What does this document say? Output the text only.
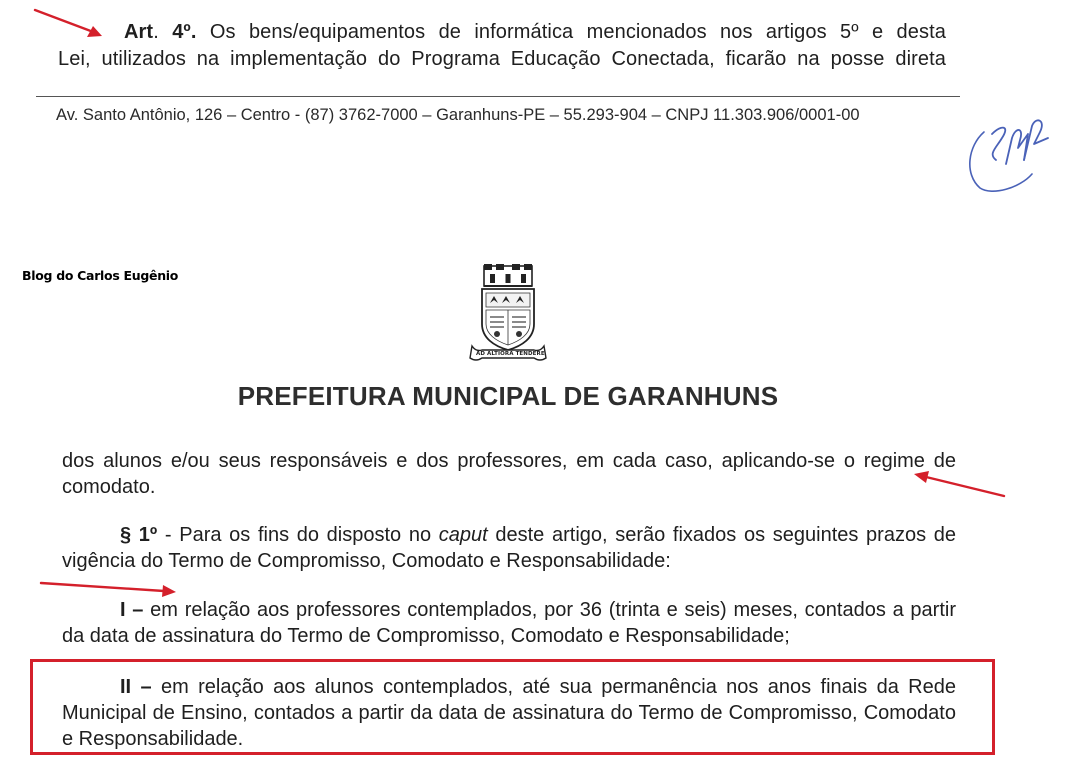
Art. 4º. Os bens/equipamentos de informática mencionados nos artigos 5º e desta
Lei, utilizados na implementação do Programa Educação Conectada, ficarão na posse direta
Av. Santo Antônio, 126 – Centro - (87) 3762-7000 – Garanhuns-PE – 55.293-904 – CNPJ 11.303.906/0001-00
Blog do Carlos Eugênio
AD ALTIORA TENDERE
PREFEITURA MUNICIPAL DE GARANHUNS
dos alunos e/ou seus responsáveis e dos professores, em cada caso, aplicando-se o regime de comodato.
§ 1º - Para os fins do disposto no caput deste artigo, serão fixados os seguintes prazos de vigência do Termo de Compromisso, Comodato e Responsabilidade:
I – em relação aos professores contemplados, por 36 (trinta e seis) meses, contados a partir da data de assinatura do Termo de Compromisso, Comodato e Responsabilidade;
II – em relação aos alunos contemplados, até sua permanência nos anos finais da Rede Municipal de Ensino, contados a partir da data de assinatura do Termo de Compromisso, Comodato e Responsabilidade.
